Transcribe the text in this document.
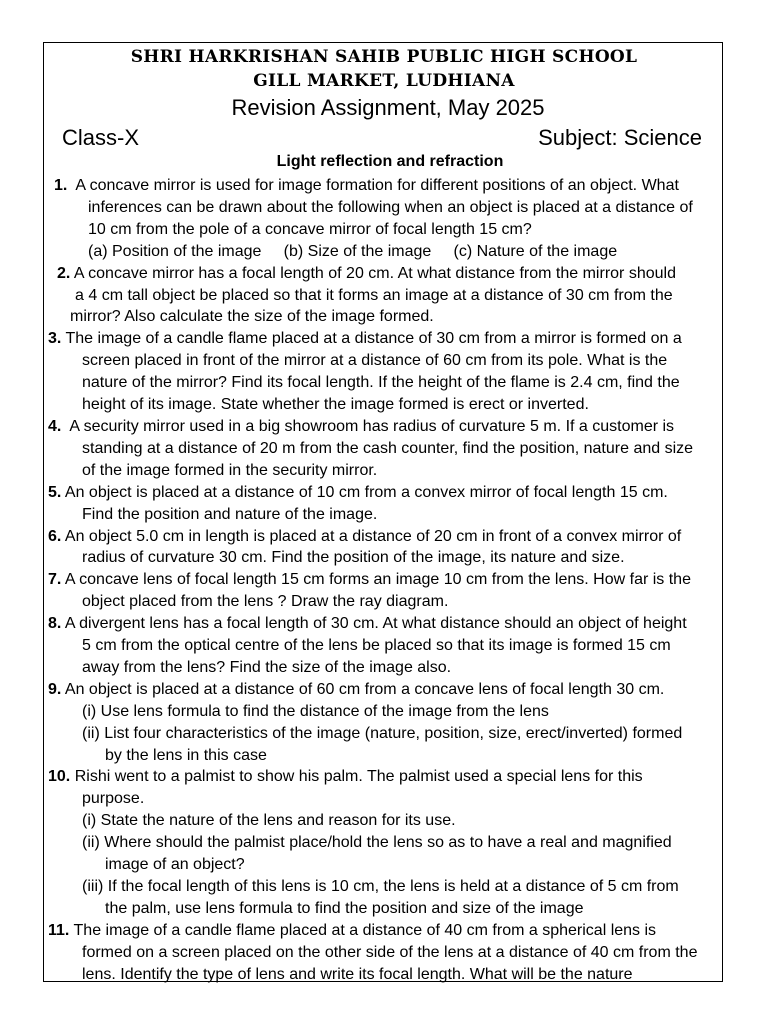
SHRI HARKRISHAN SAHIB PUBLIC HIGH SCHOOL
GILL MARKET, LUDHIANA
Revision Assignment, May 2025
Class-X	Subject: Science
Light reflection and refraction
1. A concave mirror is used for image formation for different positions of an object. What
inferences can be drawn about the following when an object is placed at a distance of
10 cm from the pole of a concave mirror of focal length 15 cm?
(a) Position of the image     (b) Size of the image     (c) Nature of the image
2. A concave mirror has a focal length of 20 cm. At what distance from the mirror should
a 4 cm tall object be placed so that it forms an image at a distance of 30 cm from the
mirror? Also calculate the size of the image formed.
3. The image of a candle flame placed at a distance of 30 cm from a mirror is formed on a
screen placed in front of the mirror at a distance of 60 cm from its pole. What is the
nature of the mirror? Find its focal length. If the height of the flame is 2.4 cm, find the
height of its image. State whether the image formed is erect or inverted.
4. A security mirror used in a big showroom has radius of curvature 5 m. If a customer is
standing at a distance of 20 m from the cash counter, find the position, nature and size
of the image formed in the security mirror.
5. An object is placed at a distance of 10 cm from a convex mirror of focal length 15 cm.
Find the position and nature of the image.
6. An object 5.0 cm in length is placed at a distance of 20 cm in front of a convex mirror of
radius of curvature 30 cm. Find the position of the image, its nature and size.
7. A concave lens of focal length 15 cm forms an image 10 cm from the lens. How far is the
object placed from the lens ? Draw the ray diagram.
8. A divergent lens has a focal length of 30 cm. At what distance should an object of height
5 cm from the optical centre of the lens be placed so that its image is formed 15 cm
away from the lens? Find the size of the image also.
9. An object is placed at a distance of 60 cm from a concave lens of focal length 30 cm.
(i) Use lens formula to find the distance of the image from the lens
(ii) List four characteristics of the image (nature, position, size, erect/inverted) formed
by the lens in this case
10. Rishi went to a palmist to show his palm. The palmist used a special lens for this
purpose.
(i) State the nature of the lens and reason for its use.
(ii) Where should the palmist place/hold the lens so as to have a real and magnified
image of an object?
(iii) If the focal length of this lens is 10 cm, the lens is held at a distance of 5 cm from
the palm, use lens formula to find the position and size of the image
11. The image of a candle flame placed at a distance of 40 cm from a spherical lens is
formed on a screen placed on the other side of the lens at a distance of 40 cm from the
lens. Identify the type of lens and write its focal length. What will be the nature
